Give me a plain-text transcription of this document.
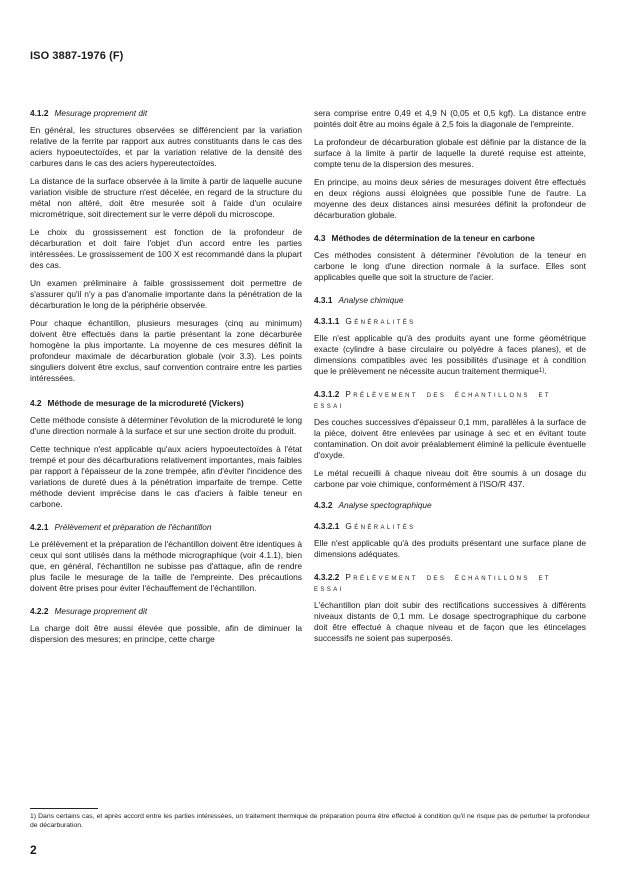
ISO 3887-1976 (F)
4.1.2 Mesurage proprement dit

En général, les structures observées se différencient par la variation relative de la ferrite par rapport aux autres constituants dans le cas des aciers hypoeutectoïdes, et par la variation relative de la densité des carbures dans le cas des aciers hypereutectoïdes.

La distance de la surface observée à la limite à partir de laquelle aucune variation visible de structure n'est décelée, en regard de la structure du métal non altéré, doit être mesurée soit à l'aide d'un oculaire micrométrique, soit directement sur le verre dépoli du microscope.

Le choix du grossissement est fonction de la profondeur de décarburation et doit faire l'objet d'un accord entre les parties intéressées. Le grossissement de 100 X est recommandé dans la plupart des cas.

Un examen préliminaire à faible grossissement doit permettre de s'assurer qu'il n'y a pas d'anomalie importante dans la pénétration de la décarburation le long de la périphérie observée.

Pour chaque échantillon, plusieurs mesurages (cinq au minimum) doivent être effectués dans la partie présentant la zone décarburée homogène la plus importante. La moyenne de ces mesures définit la profondeur maximale de décarburation globale (voir 3.3). Les points singuliers doivent être exclus, sauf convention contraire entre les parties intéressées.

4.2 Méthode de mesurage de la microdureté (Vickers)

Cette méthode consiste à déterminer l'évolution de la microdureté le long d'une direction normale à la surface et sur une section droite du produit.

Cette technique n'est applicable qu'aux aciers hypoeutectoïdes à l'état trempé et pour des décarburations relativement importantes, mais faibles par rapport à l'épaisseur de la zone trempée, afin d'éviter l'incidence des variations de dureté dues à la pénétration imparfaite de trempe. Cette méthode devient imprécise dans le cas d'aciers à faible teneur en carbone.

4.2.1 Prélèvement et préparation de l'échantillon

Le prélèvement et la préparation de l'échantillon doivent être identiques à ceux qui sont utilisés dans la méthode micrographique (voir 4.1.1), bien que, en général, l'échantillon ne subisse pas d'attaque, afin de rendre plus facile le mesurage de la taille de l'empreinte. Des précautions doivent être prises pour éviter l'échauffement de l'échantillon.

4.2.2 Mesurage proprement dit

La charge doit être aussi élevée que possible, afin de diminuer la dispersion des mesures; en principe, cette charge

sera comprise entre 0,49 et 4,9 N (0,05 et 0,5 kgf). La distance entre pointés doit être au moins égale à 2,5 fois la diagonale de l'empreinte.

La profondeur de décarburation globale est définie par la distance de la surface à la limite à partir de laquelle la dureté requise est atteinte, compte tenu de la dispersion des mesures.

En principe, au moins deux séries de mesurages doivent être effectués en deux régions aussi éloignées que possible l'une de l'autre. La moyenne des deux distances ainsi mesurées définit la profondeur de décarburation globale.

4.3 Méthodes de détermination de la teneur en carbone

Ces méthodes consistent à déterminer l'évolution de la teneur en carbone le long d'une direction normale à la surface. Elles sont applicables quelle que soit la structure de l'acier.

4.3.1 Analyse chimique
4.3.1.1 Généralités

Elle n'est applicable qu'à des produits ayant une forme géométrique exacte (cylindre à base circulaire ou polyèdre à faces planes), et de dimensions compatibles avec les possibilités d'usinage et à condition que le prélèvement ne nécessite aucun traitement thermique$^{1)}$.

4.3.1.2 Prélèvement des échantillons et essai

Des couches successives d'épaisseur 0,1 mm, parallèles à la surface de la pièce, doivent être enlevées par usinage à sec et en évitant toute contamination. On doit avoir préalablement éliminé la pellicule éventuelle d'oxyde.

Le métal recueilli à chaque niveau doit être soumis à un dosage du carbone par voie chimique, conformément à l'ISO/R 437.

4.3.2 Analyse spectographique
4.3.2.1 Généralités

Elle n'est applicable qu'à des produits présentant une surface plane de dimensions adéquates.

4.3.2.2 Prélèvement des échantillons et essai

L'échantillon plan doit subir des rectifications successives à différents niveaux distants de 0,1 mm. Le dosage spectrographique du carbone doit être effectué à chaque niveau et de façon que les étincelages successifs ne soient pas superposés.

1) Dans certains cas, et après accord entre les parties intéressées, un traitement thermique de préparation pourra être effectué à condition qu'il ne risque pas de perturber la profondeur de décarburation.
2
